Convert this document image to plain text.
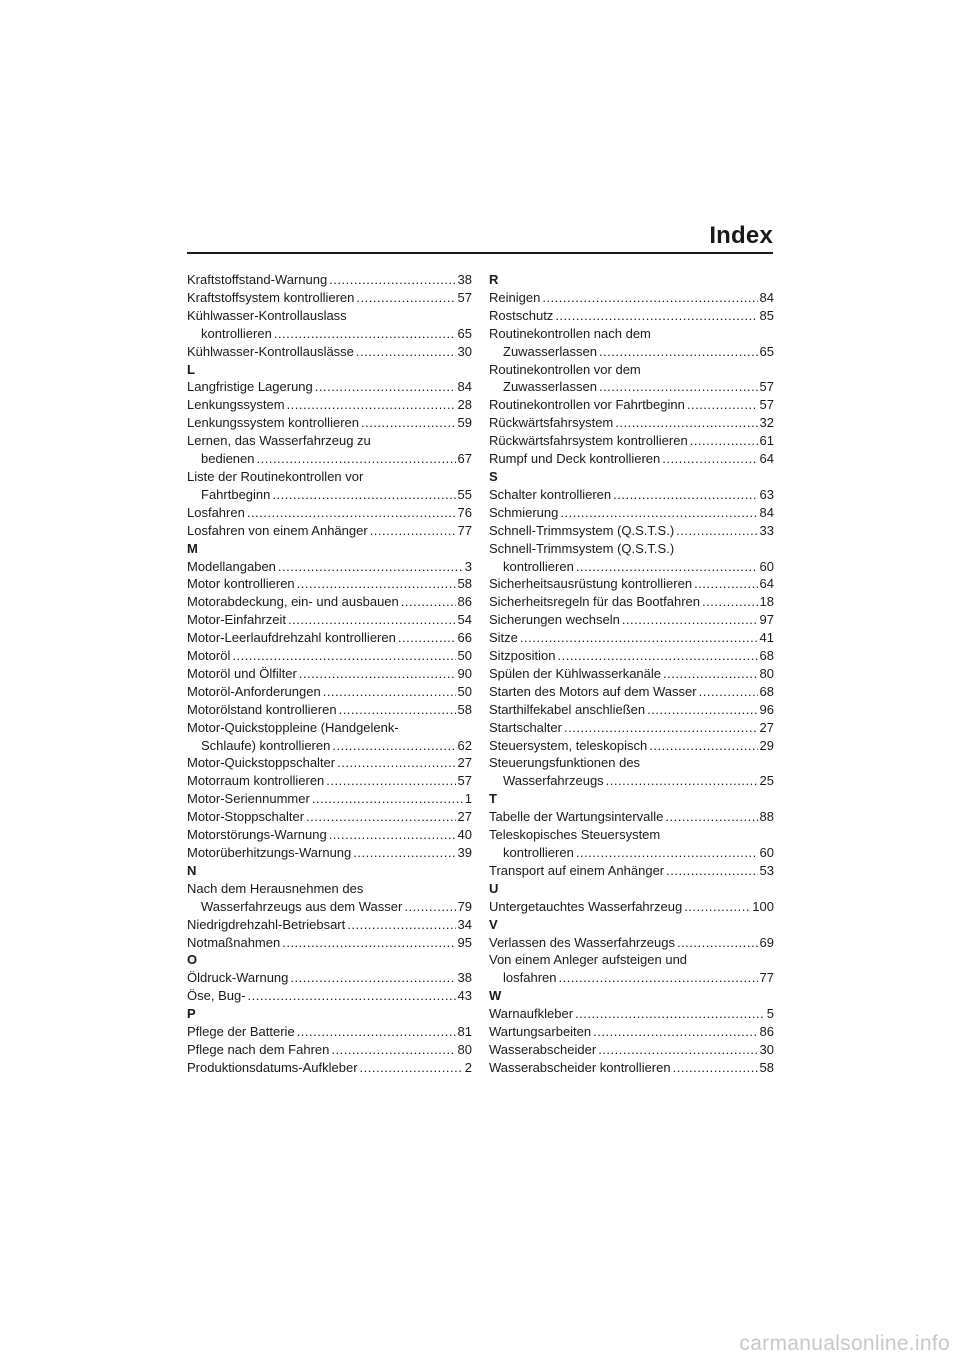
Index
Kraftstoffstand-Warnung .....	38
Kraftstoffsystem kontrollieren .....	57
Kühlwasser-Kontrollauslass
kontrollieren .....	65
Kühlwasser-Kontrollauslässe .....	30
L
Langfristige Lagerung .....	84
Lenkungssystem .....	28
Lenkungssystem kontrollieren .....	59
Lernen, das Wasserfahrzeug zu
bedienen .....	67
Liste der Routinekontrollen vor
Fahrtbeginn .....	55
Losfahren .....	76
Losfahren von einem Anhänger .....	77
M
Modellangaben .....	3
Motor kontrollieren .....	58
Motorabdeckung, ein- und ausbauen .....	86
Motor-Einfahrzeit .....	54
Motor-Leerlaufdrehzahl kontrollieren .....	66
Motoröl .....	50
Motoröl und Ölfilter .....	90
Motoröl-Anforderungen .....	50
Motorölstand kontrollieren .....	58
Motor-Quickstoppleine (Handgelenk-
Schlaufe) kontrollieren .....	62
Motor-Quickstoppschalter .....	27
Motorraum kontrollieren .....	57
Motor-Seriennummer .....	1
Motor-Stoppschalter .....	27
Motorstörungs-Warnung .....	40
Motorüberhitzungs-Warnung .....	39
N
Nach dem Herausnehmen des
Wasserfahrzeugs aus dem Wasser .....	79
Niedrigdrehzahl-Betriebsart .....	34
Notmaßnahmen .....	95
O
Öldruck-Warnung .....	38
Öse, Bug- .....	43
P
Pflege der Batterie .....	81
Pflege nach dem Fahren .....	80
Produktionsdatums-Aufkleber .....	2
R
Reinigen .....	84
Rostschutz .....	85
Routinekontrollen nach dem
Zuwasserlassen .....	65
Routinekontrollen vor dem
Zuwasserlassen .....	57
Routinekontrollen vor Fahrtbeginn .....	57
Rückwärtsfahrsystem .....	32
Rückwärtsfahrsystem kontrollieren .....	61
Rumpf und Deck kontrollieren .....	64
S
Schalter kontrollieren .....	63
Schmierung .....	84
Schnell-Trimmsystem (Q.S.T.S.) .....	33
Schnell-Trimmsystem (Q.S.T.S.)
kontrollieren .....	60
Sicherheitsausrüstung kontrollieren .....	64
Sicherheitsregeln für das Bootfahren .....	18
Sicherungen wechseln .....	97
Sitze .....	41
Sitzposition .....	68
Spülen der Kühlwasserkanäle .....	80
Starten des Motors auf dem Wasser .....	68
Starthilfekabel anschließen .....	96
Startschalter .....	27
Steuersystem, teleskopisch .....	29
Steuerungsfunktionen des
Wasserfahrzeugs .....	25
T
Tabelle der Wartungsintervalle .....	88
Teleskopisches Steuersystem
kontrollieren .....	60
Transport auf einem Anhänger .....	53
U
Untergetauchtes Wasserfahrzeug .....	100
V
Verlassen des Wasserfahrzeugs .....	69
Von einem Anleger aufsteigen und
losfahren .....	77
W
Warnaufkleber .....	5
Wartungsarbeiten .....	86
Wasserabscheider .....	30
Wasserabscheider kontrollieren .....	58
carmanualsonline.info
